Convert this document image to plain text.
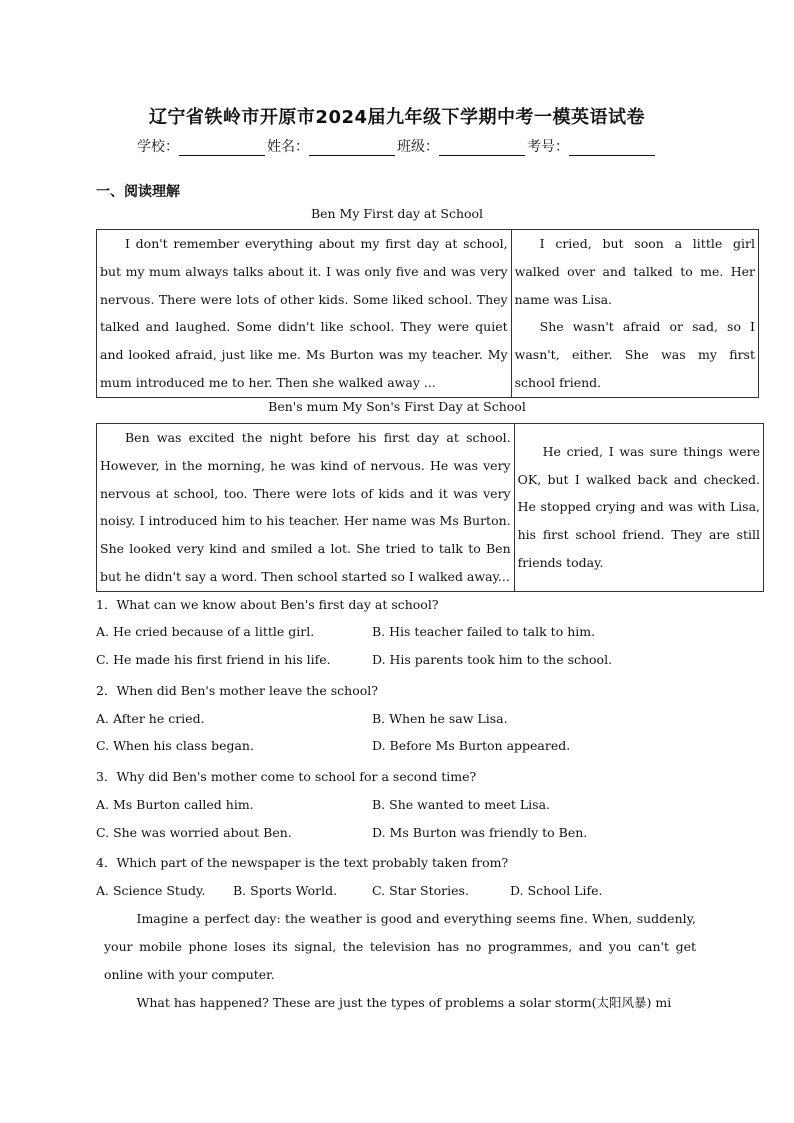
辽宁省铁岭市开原市2024届九年级下学期中考一模英语试卷
学校：	姓名：	班级：	考号：
一、阅读理解
Ben My First day at School
I don't remember everything about my first day at school, but my mum always talks about it. I was only five and was very nervous. There were lots of other kids. Some liked school. They talked and laughed. Some didn't like school. They were quiet and looked afraid, just like me. Ms Burton was my teacher. My mum introduced me to her. Then she walked away ...

I cried, but soon a little girl walked over and talked to me. Her name was Lisa.
She wasn't afraid or sad, so I wasn't, either. She was my first school friend.
Ben's mum My Son's First Day at School
Ben was excited the night before his first day at school. However, in the morning, he was kind of nervous. He was very nervous at school, too. There were lots of kids and it was very noisy. I introduced him to his teacher. Her name was Ms Burton. She looked very kind and smiled a lot. She tried to talk to Ben but he didn't say a word. Then school started so I walked away...

He cried, I was sure things were OK, but I walked back and checked. He stopped crying and was with Lisa, his first school friend. They are still friends today.
1．What can we know about Ben's first day at school?
A. He cried because of a little girl.	B. His teacher failed to talk to him.
C. He made his first friend in his life.	D. His parents took him to the school.
2．When did Ben's mother leave the school?
A. After he cried.	B. When he saw Lisa.
C. When his class began.	D. Before Ms Burton appeared.
3．Why did Ben's mother come to school for a second time?
A. Ms Burton called him.	B. She wanted to meet Lisa.
C. She was worried about Ben.	D. Ms Burton was friendly to Ben.
4．Which part of the newspaper is the text probably taken from?
A. Science Study. B. Sports World.	C. Star Stories.	D. School Life.
Imagine a perfect day: the weather is good and everything seems fine. When, suddenly, your mobile phone loses its signal, the television has no programmes, and you can't get online with your computer.
What has happened? These are just the types of problems a solar storm(太阳风暴) mi
